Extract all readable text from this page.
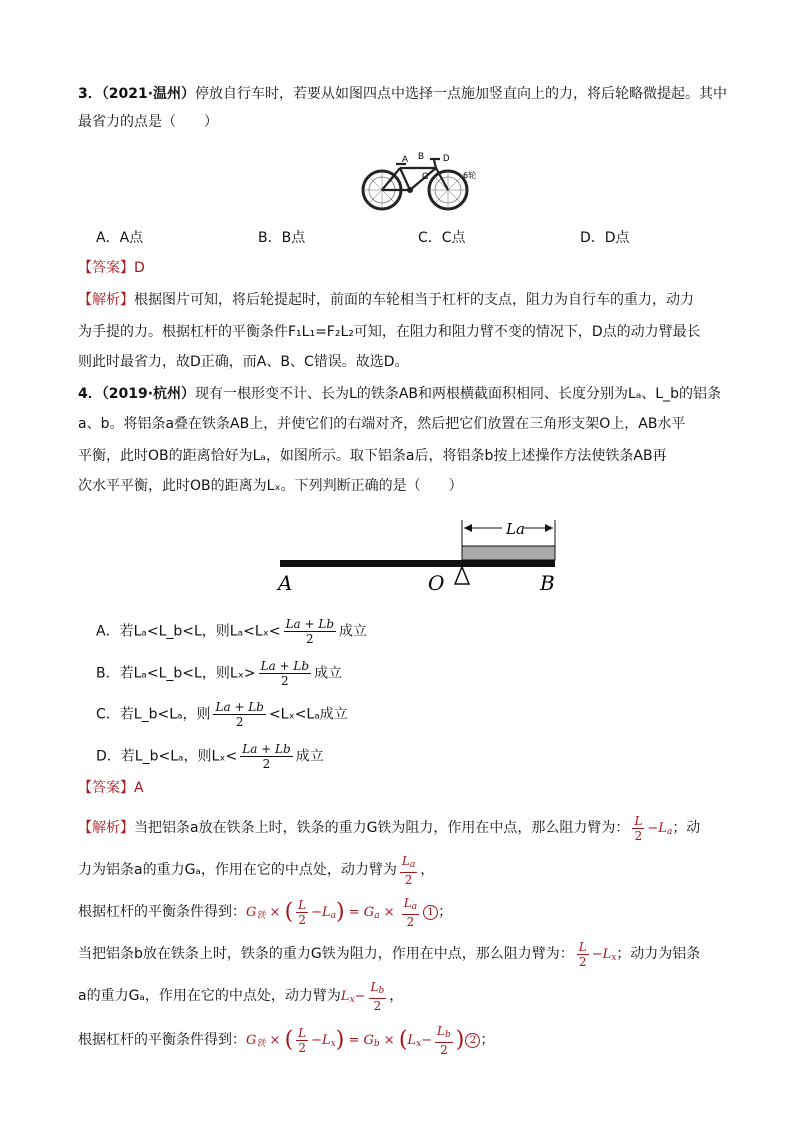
3．（2021·温州）停放自行车时，若要从如图四点中选择一点施加竖直向上的力，将后轮略微提起。其中
最省力的点是（　　）
A B
C
D
6轮
A．A点	B．B点	C．C点	D．D点
【答案】D
【解析】根据图片可知，将后轮提起时，前面的车轮相当于杠杆的支点，阻力为自行车的重力，动力
为手提的力。根据杠杆的平衡条件F₁L₁=F₂L₂可知，在阻力和阻力臂不变的情况下，D点的动力臂最长
则此时最省力，故D正确，而A、B、C错误。故选D。
4．（2019·杭州）现有一根形变不计、长为L的铁条AB和两根横截面积相同、长度分别为Lₐ、L_b的铝条
a、b。将铝条a叠在铁条AB上，并使它们的右端对齐，然后把它们放置在三角形支架O上，AB水平
平衡，此时OB的距离恰好为Lₐ，如图所示。取下铝条a后，将铝条b按上述操作方法使铁条AB再
次水平平衡，此时OB的距离为Lₓ。下列判断正确的是（　　）
La
A	O	B
A．若Lₐ<L_b<L，则$L_a<L_x< \frac{La + Lb}{2}$ 成立
B．若Lₐ<L_b<L，则$L_x> \frac{La + Lb}{2}$ 成立
C．若L_b<Lₐ，则 $\frac{La + Lb}{2} <L_x<L_a$成立
D．若L_b<Lₐ，则$L_x< \frac{La + Lb}{2}$ 成立
【答案】A
【解析】当把铝条a放在铁条上时，铁条的重力G铁为阻力，作用在中点，那么阻力臂为： $\frac{L}{2} -L_a$；动
力为铝条a的重力Gₐ，作用在它的中点处，动力臂为 $\frac{L_a}{2}$ ，
根据杠杆的平衡条件得到：$G_铁$ × ( $\frac{L}{2} -L_a) = G_a \times \frac{L_a}{2} 1$ ；
当把铝条b放在铁条上时，铁条的重力G铁为阻力，作用在中点，那么阻力臂为： $\frac{L}{2} -L_x$；动力为铝条
a的重力Gₐ，作用在它的中点处，动力臂为$L_x- \frac{L_b}{2}$ ，
根据杠杆的平衡条件得到：$G_铁$ × ( $\frac{L}{2} -L_x) = G_b \times (L_x- \frac{L_b}{2}$ ) 2 ；
